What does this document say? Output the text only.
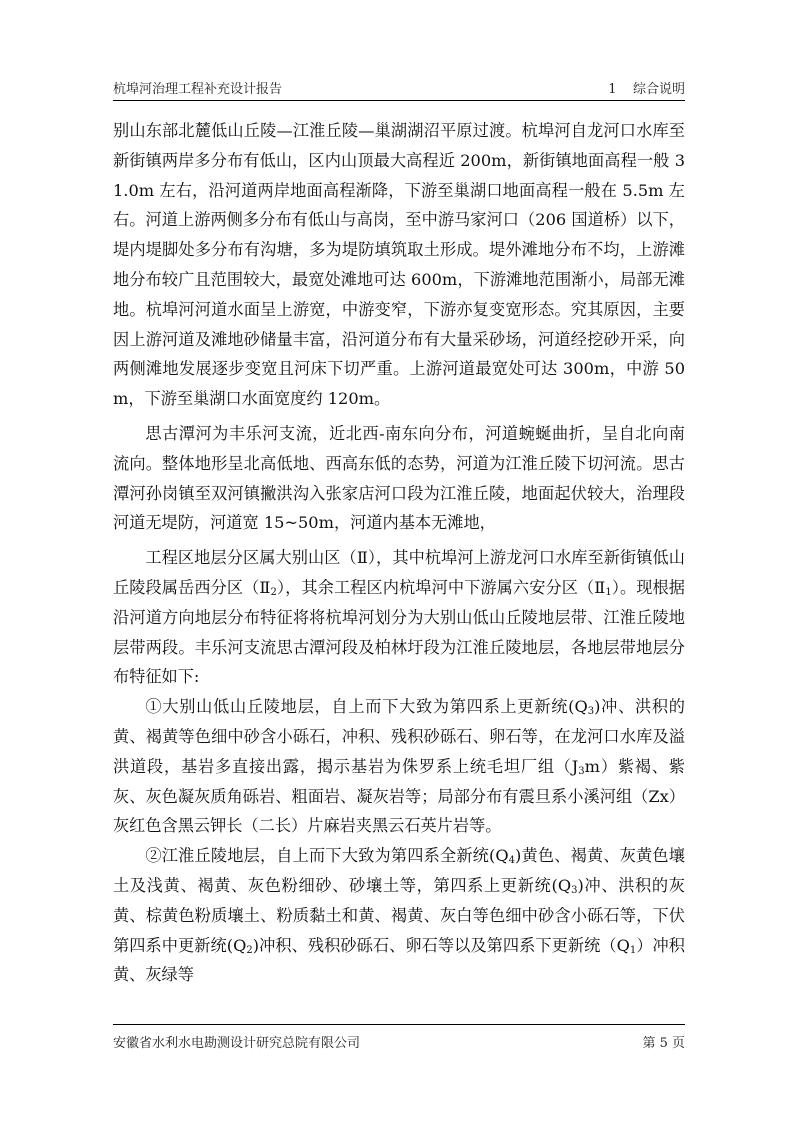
杭埠河治理工程补充设计报告	1    综合说明

别山东部北麓低山丘陵—江淮丘陵—巢湖湖沼平原过渡。杭埠河自龙河口水库至新街镇两岸多分布有低山，区内山顶最大高程近 200m，新街镇地面高程一般 31.0m 左右，沿河道两岸地面高程渐降，下游至巢湖口地面高程一般在 5.5m 左右。河道上游两侧多分布有低山与高岗，至中游马家河口（206 国道桥）以下，堤内堤脚处多分布有沟塘，多为堤防填筑取土形成。堤外滩地分布不均，上游滩地分布较广且范围较大，最宽处滩地可达 600m，下游滩地范围渐小，局部无滩地。杭埠河河道水面呈上游宽，中游变窄，下游亦复变宽形态。究其原因，主要因上游河道及滩地砂储量丰富，沿河道分布有大量采砂场，河道经挖砂开采，向两侧滩地发展逐步变宽且河床下切严重。上游河道最宽处可达 300m，中游 50m，下游至巢湖口水面宽度约 120m。

思古潭河为丰乐河支流，近北西-南东向分布，河道蜿蜒曲折，呈自北向南流向。整体地形呈北高低地、西高东低的态势，河道为江淮丘陵下切河流。思古潭河孙岗镇至双河镇撇洪沟入张家店河口段为江淮丘陵，地面起伏较大，治理段河道无堤防，河道宽 15~50m，河道内基本无滩地，

工程区地层分区属大别山区（Ⅱ），其中杭埠河上游龙河口水库至新街镇低山丘陵段属岳西分区$(Ⅱ_2)$，其余工程区内杭埠河中下游属六安分区$(Ⅱ_1)$。现根据沿河道方向地层分布特征将将杭埠河划分为大别山低山丘陵地层带、江淮丘陵地层带两段。丰乐河支流思古潭河段及柏林圩段为江淮丘陵地层，各地层带地层分布特征如下:

①大别山低山丘陵地层，自上而下大致为第四系上更新统$(Q_3)$冲、洪积的黄、褐黄等色细中砂含小砾石，冲积、残积砂砾石、卵石等，在龙河口水库及溢洪道段，基岩多直接出露，揭示基岩为侏罗系上统毛坦厂组$(J_3m)$紫褐、紫灰、灰色凝灰质角砾岩、粗面岩、凝灰岩等；局部分布有震旦系小溪河组（Zx）灰红色含黑云钾长（二长）片麻岩夹黑云石英片岩等。

②江淮丘陵地层，自上而下大致为第四系全新统$(Q_4)$黄色、褐黄、灰黄色壤土及浅黄、褐黄、灰色粉细砂、砂壤土等，第四系上更新统$(Q_3)$冲、洪积的灰黄、棕黄色粉质壤土、粉质黏土和黄、褐黄、灰白等色细中砂含小砾石等，下伏第四系中更新统$(Q_2)$冲积、残积砂砾石、卵石等以及第四系下更新统$(Q_1)$冲积黄、灰绿等

安徽省水利水电勘测设计研究总院有限公司	第 5 页
